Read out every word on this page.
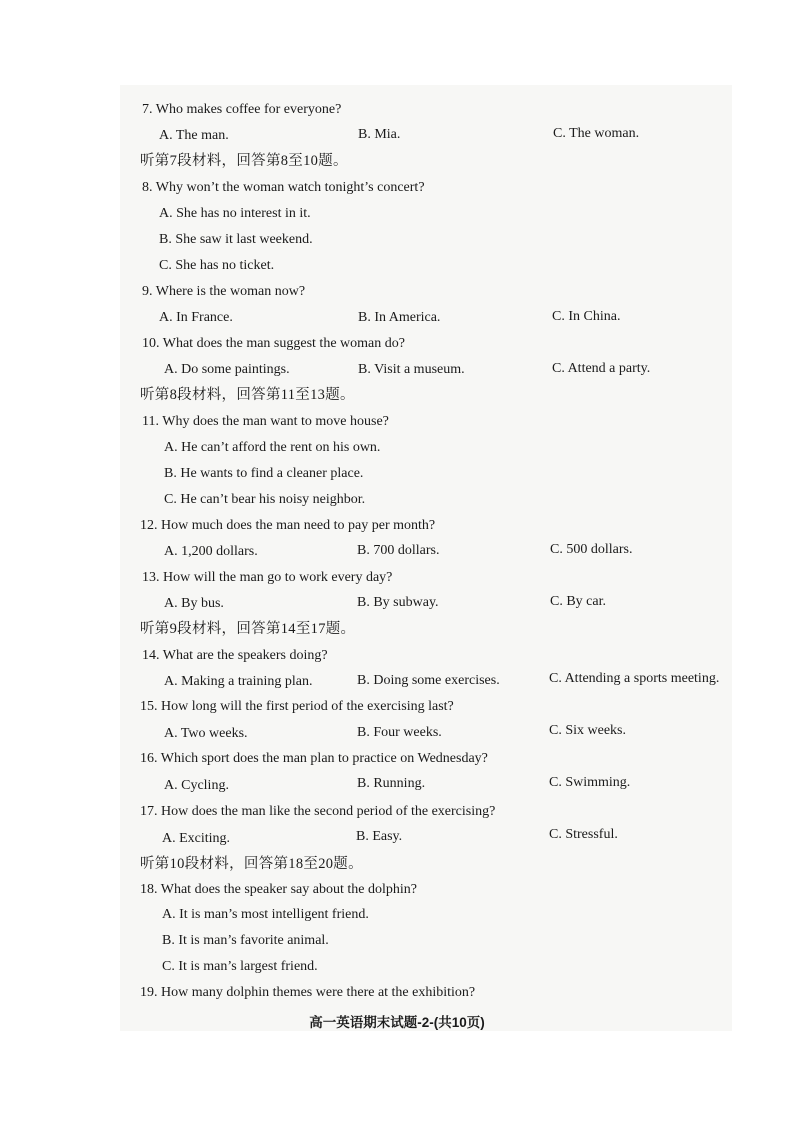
7. Who makes coffee for everyone?
A. The man.	B. Mia.	C. The woman.
听第7段材料，回答第8至10题。
8. Why won’t the woman watch tonight’s concert?
A. She has no interest in it.
B. She saw it last weekend.
C. She has no ticket.
9. Where is the woman now?
A. In France.	B. In America.	C. In China.
10. What does the man suggest the woman do?
A. Do some paintings.	B. Visit a museum.	C. Attend a party.
听第8段材料，回答第11至13题。
11. Why does the man want to move house?
A. He can’t afford the rent on his own.
B. He wants to find a cleaner place.
C. He can’t bear his noisy neighbor.
12. How much does the man need to pay per month?
A. 1,200 dollars.	B. 700 dollars.	C. 500 dollars.
13. How will the man go to work every day?
A. By bus.	B. By subway.	C. By car.
听第9段材料，回答第14至17题。
14. What are the speakers doing?
A. Making a training plan.	B. Doing some exercises.	C. Attending a sports meeting.
15. How long will the first period of the exercising last?
A. Two weeks.	B. Four weeks.	C. Six weeks.
16. Which sport does the man plan to practice on Wednesday?
A. Cycling.	B. Running.	C. Swimming.
17. How does the man like the second period of the exercising?
A. Exciting.	B. Easy.	C. Stressful.
听第10段材料，回答第18至20题。
18. What does the speaker say about the dolphin?
A. It is man’s most intelligent friend.
B. It is man’s favorite animal.
C. It is man’s largest friend.
19. How many dolphin themes were there at the exhibition?
高一英语期末试题-2-(共10页)
